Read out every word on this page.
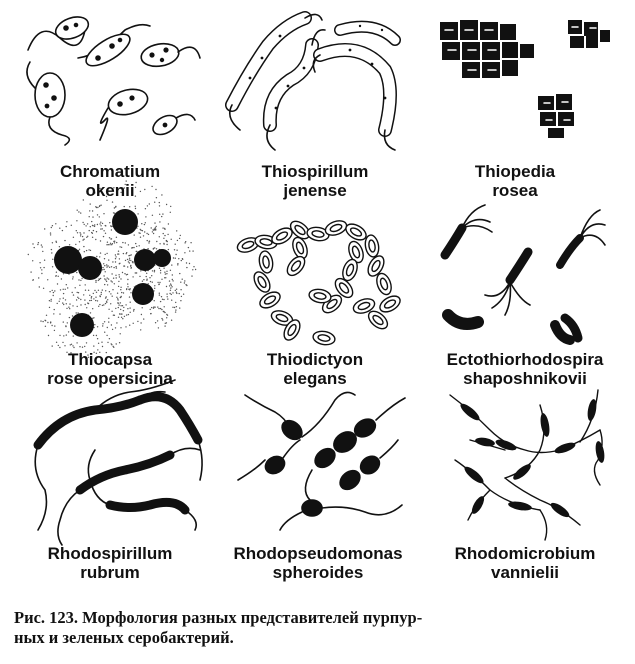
Chromatium
okenii
Thiospirillum
jenense
Thiopedia
rosea
Thiocapsa
rose opersicina
Thiodictyon
elegans
Ectothiorhodospira
shaposhnikovii
Rhodospirillum
rubrum
Rhodopseudomonas
spheroides
Rhodomicrobium
vannielii
Рис. 123. Морфология разных представителей пурпур-
ных и зеленых серобактерий.
